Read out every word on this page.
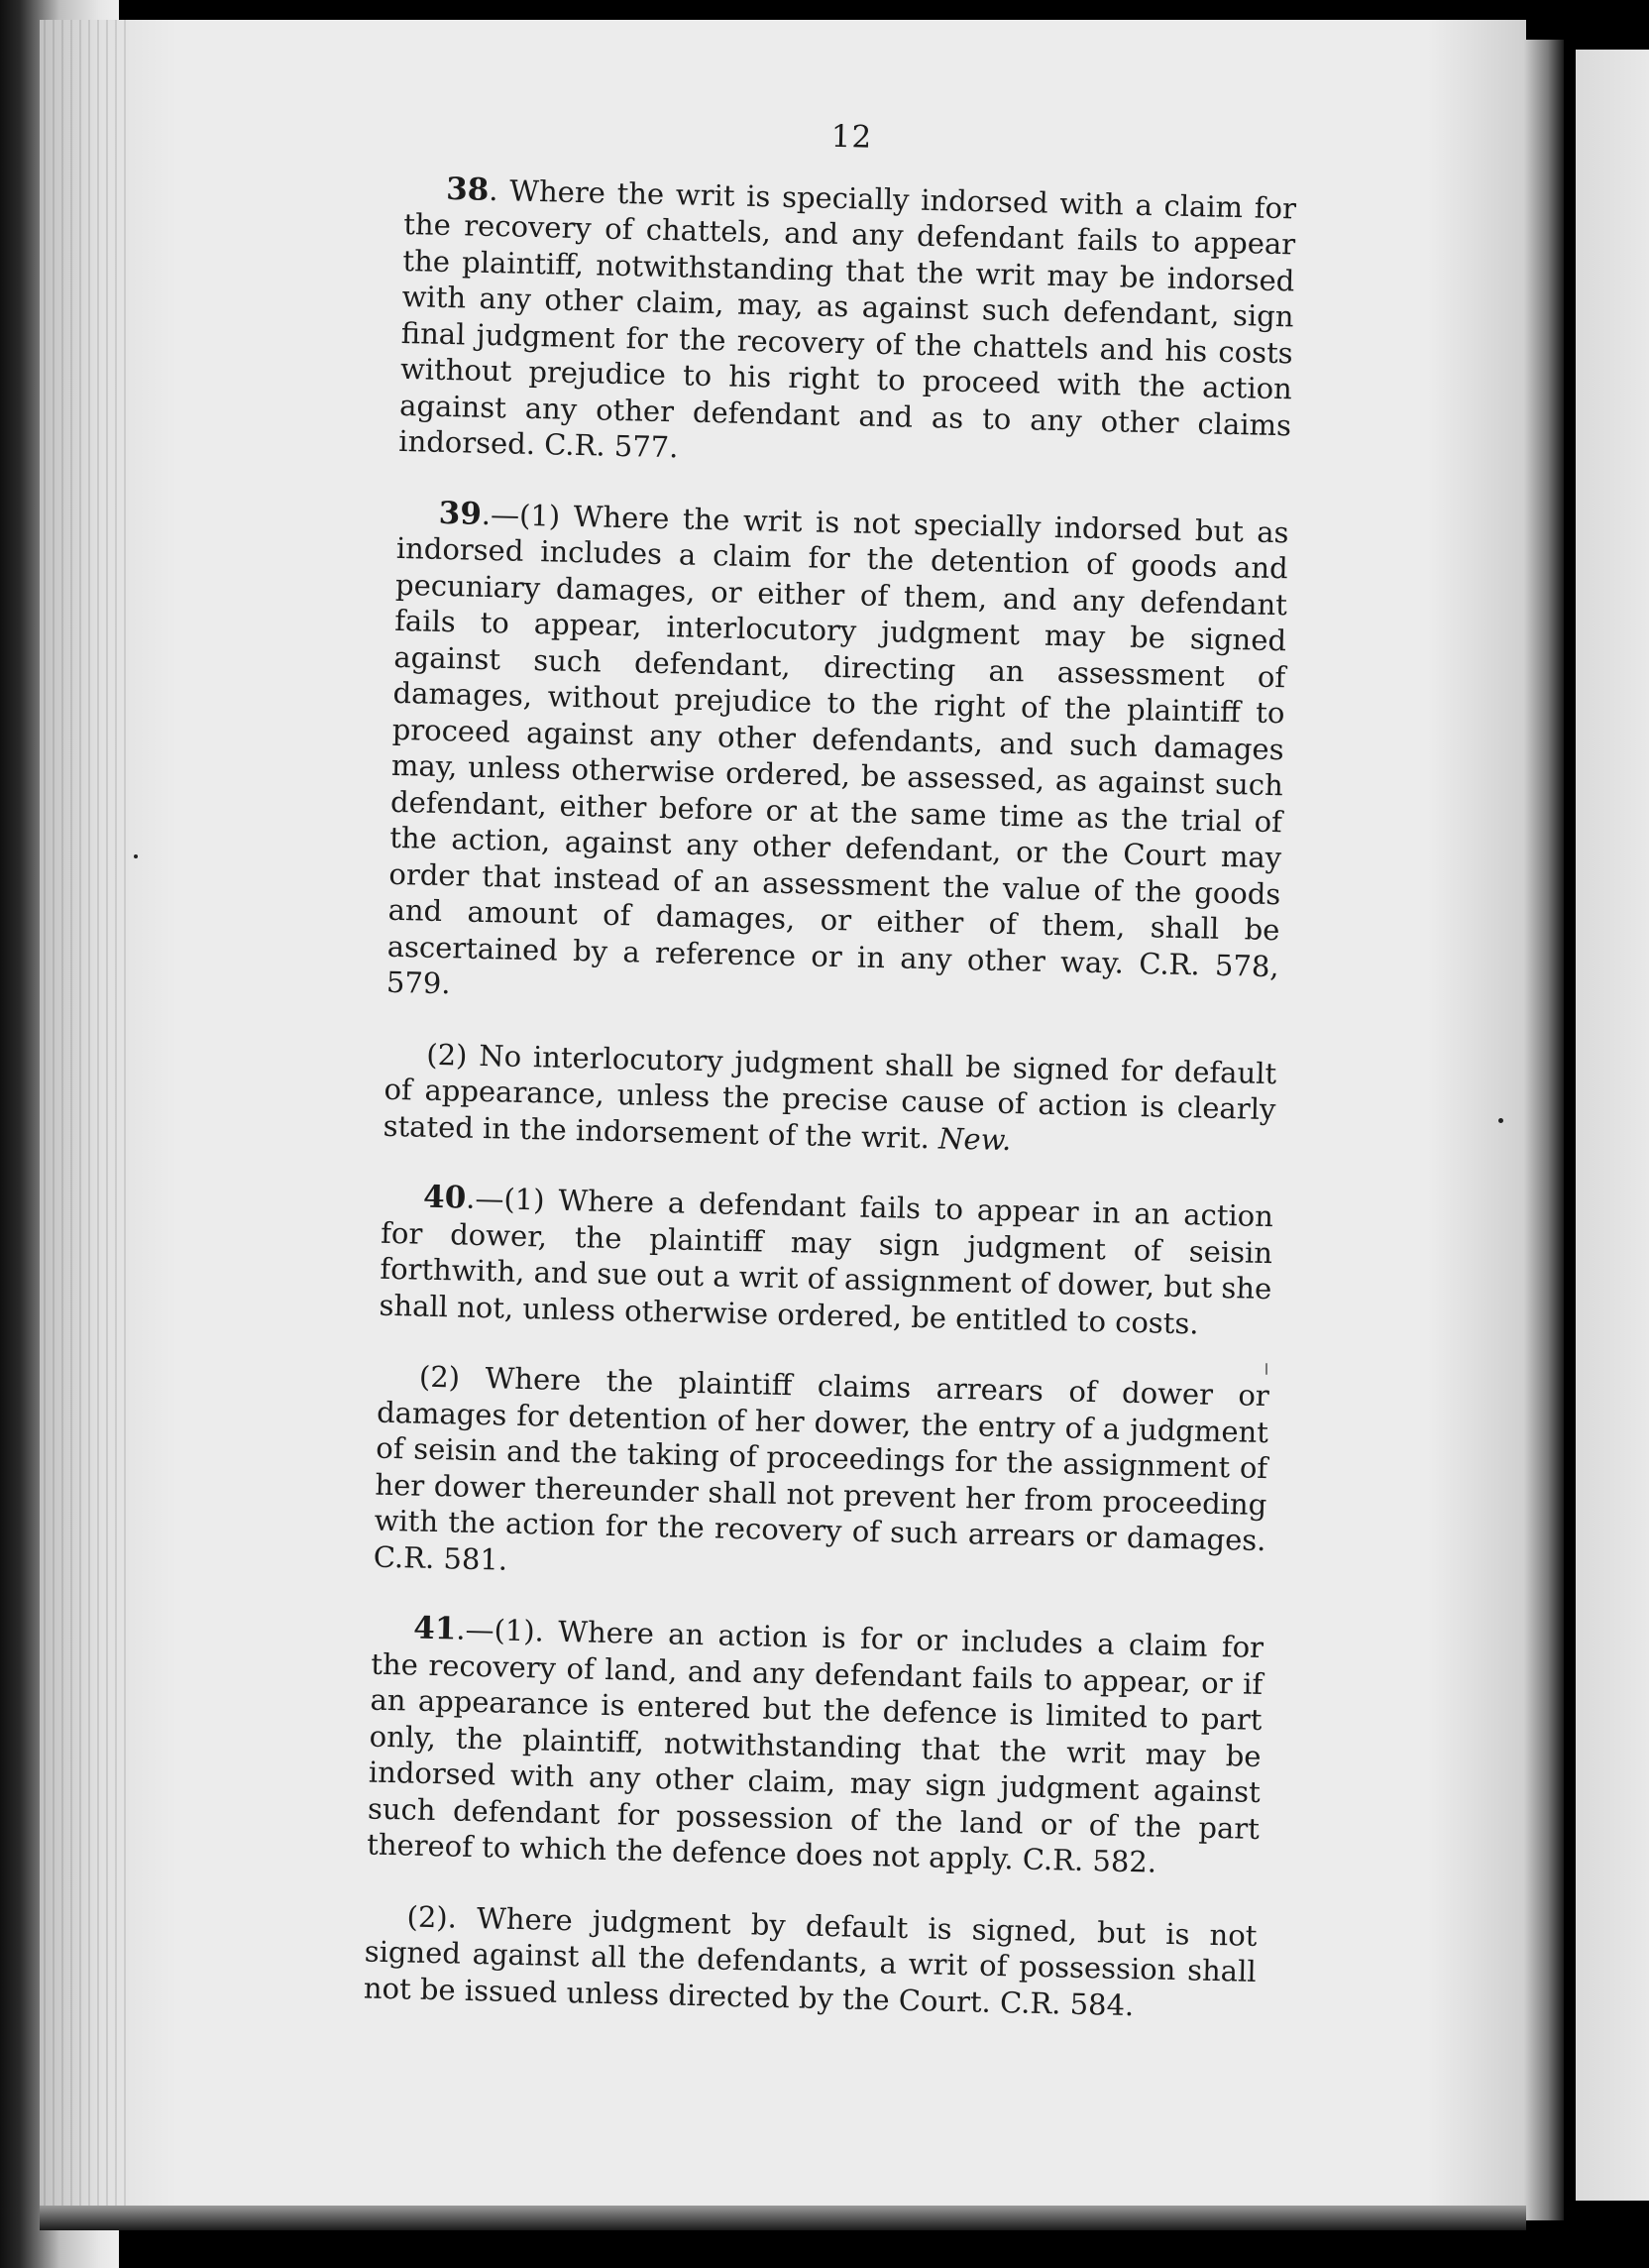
12

38. Where the writ is specially indorsed with a claim for the recovery of chattels, and any defendant fails to appear the plaintiff, notwithstanding that the writ may be indorsed with any other claim, may, as against such defendant, sign final judgment for the recovery of the chattels and his costs without prejudice to his right to proceed with the action against any other defendant and as to any other claims indorsed. C.R. 577.

39.—(1) Where the writ is not specially indorsed but as indorsed includes a claim for the detention of goods and pecuniary damages, or either of them, and any defendant fails to appear, interlocutory judgment may be signed against such defendant, directing an assessment of damages, without prejudice to the right of the plaintiff to proceed against any other defendants, and such damages may, unless otherwise ordered, be assessed, as against such defendant, either before or at the same time as the trial of the action, against any other defendant, or the Court may order that instead of an assessment the value of the goods and amount of damages, or either of them, shall be ascertained by a reference or in any other way. C.R. 578, 579.

(2) No interlocutory judgment shall be signed for default of appearance, unless the precise cause of action is clearly stated in the indorsement of the writ. New.

40.—(1) Where a defendant fails to appear in an action for dower, the plaintiff may sign judgment of seisin forthwith, and sue out a writ of assignment of dower, but she shall not, unless otherwise ordered, be entitled to costs.

(2) Where the plaintiff claims arrears of dower or damages for detention of her dower, the entry of a judgment of seisin and the taking of proceedings for the assignment of her dower thereunder shall not prevent her from proceeding with the action for the recovery of such arrears or damages. C.R. 581.

41.—(1). Where an action is for or includes a claim for the recovery of land, and any defendant fails to appear, or if an appearance is entered but the defence is limited to part only, the plaintiff, notwithstanding that the writ may be indorsed with any other claim, may sign judgment against such defendant for possession of the land or of the part thereof to which the defence does not apply. C.R. 582.

(2). Where judgment by default is signed, but is not signed against all the defendants, a writ of possession shall not be issued unless directed by the Court. C.R. 584.
